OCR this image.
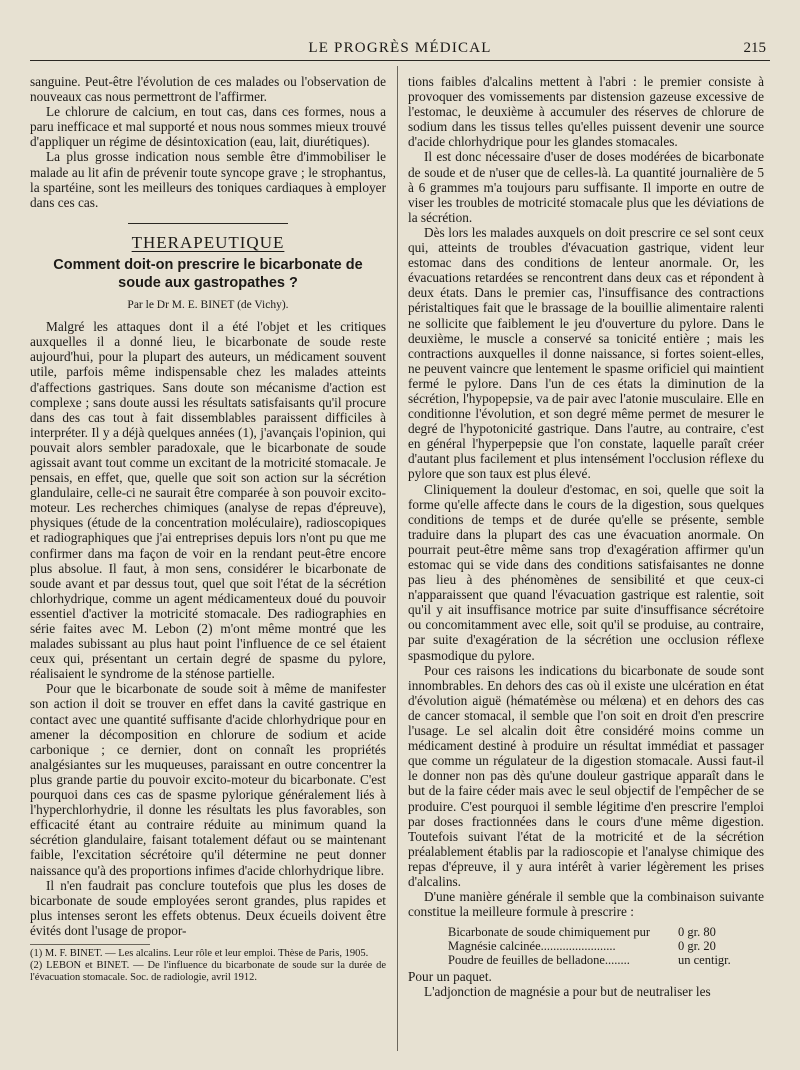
LE PROGRÈS MÉDICAL	215

sanguine. Peut-être l'évolution de ces malades ou l'observation de nouveaux cas nous permettront de l'affirmer.

Le chlorure de calcium, en tout cas, dans ces formes, nous a paru inefficace et mal supporté et nous nous sommes mieux trouvé d'appliquer un régime de désintoxication (eau, lait, diurétiques).

La plus grosse indication nous semble être d'immobiliser le malade au lit afin de prévenir toute syncope grave ; le strophantus, la spartéine, sont les meilleurs des toniques cardiaques à employer dans ces cas.

THERAPEUTIQUE
Comment doit-on prescrire le bicarbonate de soude aux gastropathes ?
Par le Dr M. E. BINET (de Vichy).

Malgré les attaques dont il a été l'objet et les critiques auxquelles il a donné lieu, le bicarbonate de soude reste aujourd'hui, pour la plupart des auteurs, un médicament souvent utile, parfois même indispensable chez les malades atteints d'affections gastriques. Sans doute son mécanisme d'action est complexe ; sans doute aussi les résultats satisfaisants qu'il procure dans des cas tout à fait dissemblables paraissent difficiles à interpréter. Il y a déjà quelques années (1), j'avançais l'opinion, qui pouvait alors sembler paradoxale, que le bicarbonate de soude agissait avant tout comme un excitant de la motricité stomacale. Je pensais, en effet, que, quelle que soit son action sur la sécrétion glandulaire, celle-ci ne saurait être comparée à son pouvoir excito-moteur. Les recherches chimiques (analyse de repas d'épreuve), physiques (étude de la concentration moléculaire), radioscopiques et radiographiques que j'ai entreprises depuis lors n'ont pu que me confirmer dans ma façon de voir en la rendant peut-être encore plus absolue. Il faut, à mon sens, considérer le bicarbonate de soude avant et par dessus tout, quel que soit l'état de la sécrétion chlorhydrique, comme un agent médicamenteux doué du pouvoir essentiel d'activer la motricité stomacale. Des radiographies en série faites avec M. Lebon (2) m'ont même montré que les malades subissant au plus haut point l'influence de ce sel étaient ceux qui, présentant un certain degré de spasme du pylore, réalisaient le syndrome de la sténose partielle.

Pour que le bicarbonate de soude soit à même de manifester son action il doit se trouver en effet dans la cavité gastrique en contact avec une quantité suffisante d'acide chlorhydrique pour en amener la décomposition en chlorure de sodium et acide carbonique ; ce dernier, dont on connaît les propriétés analgésiantes sur les muqueuses, paraissant en outre concentrer la plus grande partie du pouvoir excito-moteur du bicarbonate. C'est pourquoi dans ces cas de spasme pylorique généralement liés à l'hyperchlorhydrie, il donne les résultats les plus favorables, son efficacité étant au contraire réduite au minimum quand la sécrétion glandulaire, faisant totalement défaut ou se maintenant faible, l'excitation sécrétoire qu'il détermine ne peut donner naissance qu'à des proportions infimes d'acide chlorhydrique libre.

Il n'en faudrait pas conclure toutefois que plus les doses de bicarbonate de soude employées seront grandes, plus rapides et plus intenses seront les effets obtenus. Deux écueils doivent être évités dont l'usage de propor-

(1) M. F. BINET. — Les alcalins. Leur rôle et leur emploi. Thèse de Paris, 1905.

(2) LEBON et BINET. — De l'influence du bicarbonate de soude sur la durée de l'évacuation stomacale. Soc. de radiologie, avril 1912.

tions faibles d'alcalins mettent à l'abri : le premier consiste à provoquer des vomissements par distension gazeuse excessive de l'estomac, le deuxième à accumuler des réserves de chlorure de sodium dans les tissus telles qu'elles puissent devenir une source d'acide chlorhydrique pour les glandes stomacales.

Il est donc nécessaire d'user de doses modérées de bicarbonate de soude et de n'user que de celles-là. La quantité journalière de 5 à 6 grammes m'a toujours paru suffisante. Il importe en outre de viser les troubles de motricité stomacale plus que les déviations de la sécrétion.

Dès lors les malades auxquels on doit prescrire ce sel sont ceux qui, atteints de troubles d'évacuation gastrique, vident leur estomac dans des conditions de lenteur anormale. Or, les évacuations retardées se rencontrent dans deux cas et répondent à deux états. Dans le premier cas, l'insuffisance des contractions péristaltiques fait que le brassage de la bouillie alimentaire ralenti ne sollicite que faiblement le jeu d'ouverture du pylore. Dans le deuxième, le muscle a conservé sa tonicité entière ; mais les contractions auxquelles il donne naissance, si fortes soient-elles, ne peuvent vaincre que lentement le spasme orificiel qui maintient fermé le pylore. Dans l'un de ces états la diminution de la sécrétion, l'hypopepsie, va de pair avec l'atonie musculaire. Elle en conditionne l'évolution, et son degré même permet de mesurer le degré de l'hypotonicité gastrique. Dans l'autre, au contraire, c'est en général l'hyperpepsie que l'on constate, laquelle paraît créer d'autant plus facilement et plus intensément l'occlusion réflexe du pylore que son taux est plus élevé.

Cliniquement la douleur d'estomac, en soi, quelle que soit la forme qu'elle affecte dans le cours de la digestion, sous quelques conditions de temps et de durée qu'elle se présente, semble traduire dans la plupart des cas une évacuation anormale. On pourrait peut-être même sans trop d'exagération affirmer qu'un estomac qui se vide dans des conditions satisfaisantes ne donne pas lieu à des phénomènes de sensibilité et que ceux-ci n'apparaissent que quand l'évacuation gastrique est ralentie, soit qu'il y ait insuffisance motrice par suite d'insuffisance sécrétoire ou concomitamment avec elle, soit qu'il se produise, au contraire, par suite d'exagération de la sécrétion une occlusion réflexe spasmodique du pylore.

Pour ces raisons les indications du bicarbonate de soude sont innombrables. En dehors des cas où il existe une ulcération en état d'évolution aiguë (hématémèse ou mélœna) et en dehors des cas de cancer stomacal, il semble que l'on soit en droit d'en prescrire l'usage. Le sel alcalin doit être considéré moins comme un médicament destiné à produire un résultat immédiat et passager que comme un régulateur de la digestion stomacale. Aussi faut-il le donner non pas dès qu'une douleur gastrique apparaît dans le but de la faire céder mais avec le seul objectif de l'empêcher de se produire. C'est pourquoi il semble légitime d'en prescrire l'emploi par doses fractionnées dans le cours d'une même digestion. Toutefois suivant l'état de la motricité et de la sécrétion préalablement établis par la radioscopie et l'analyse chimique des repas d'épreuve, il y aura intérêt à varier légèrement les prises d'alcalins.

D'une manière générale il semble que la combinaison suivante constitue la meilleure formule à prescrire :

Bicarbonate de soude chimiquement pur	0 gr. 80
Magnésie calcinée........................	0 gr. 20
Poudre de feuilles de belladone........	un centigr.

Pour un paquet.

L'adjonction de magnésie a pour but de neutraliser les
